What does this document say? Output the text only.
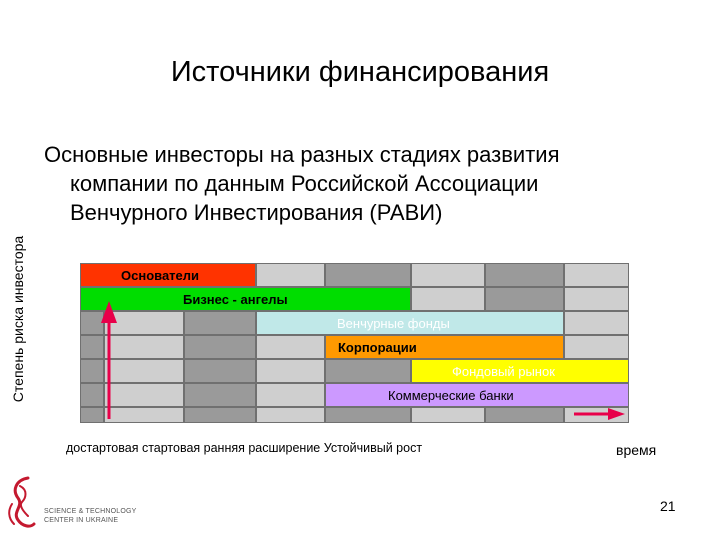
Источники финансирования
Основные инвесторы на разных стадиях развития
компании по данным Российской Ассоциации
Венчурного Инвестирования (РАВИ)
Степень риска инвестора	Основатели
Бизнес - ангелы
Венчурные фонды
Корпорации
Фондовый рынок
Коммерческие банки
достартовая стартовая ранняя расширение Устойчивый рост	время
SCIENCE & TECHNOLOGY
CENTER IN UKRAINE
21
